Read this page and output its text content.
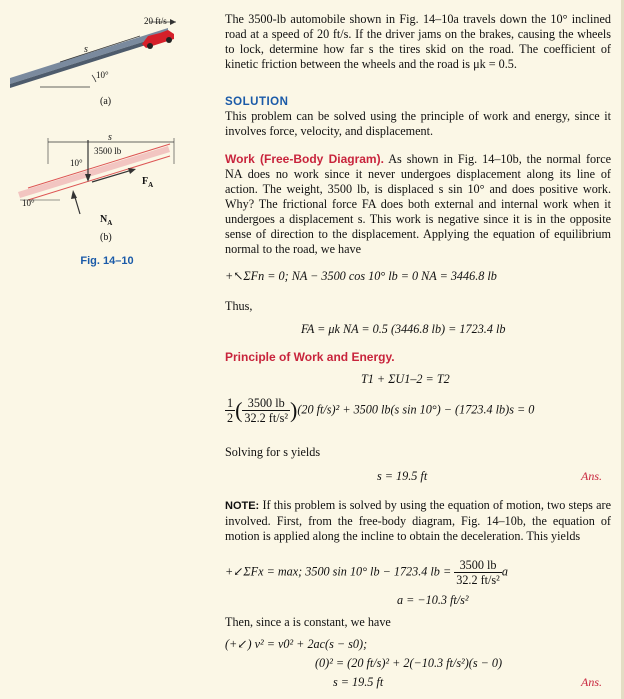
20 ft/s
s
10°
(a)
s
3500 lb
10°
10°
$F_A$
$N_A$
(b)
Fig. 14–10
The 3500-lb automobile shown in Fig. 14–10a travels down the 10° inclined road at a speed of 20 ft/s. If the driver jams on the brakes, causing the wheels to lock, determine how far s the tires skid on the road. The coefficient of kinetic friction between the wheels and the road is μk = 0.5.
SOLUTION
This problem can be solved using the principle of work and energy, since it involves force, velocity, and displacement.
Work (Free-Body Diagram). As shown in Fig. 14–10b, the normal force NA does no work since it never undergoes displacement along its line of action. The weight, 3500 lb, is displaced s sin 10° and does positive work. Why? The frictional force FA does both external and internal work when it undergoes a displacement s. This work is negative since it is in the opposite sense of direction to the displacement. Applying the equation of equilibrium normal to the road, we have
+↖ΣFn = 0; NA − 3500 cos 10° lb = 0 NA = 3446.8 lb
Thus,
FA = μk NA = 0.5 (3446.8 lb) = 1723.4 lb
Principle of Work and Energy.
T1 + ΣU1–2 = T2
$\frac{1}{2}$ ( $\frac{3500 lb}{\text{32.2 ft/s²}} )(20$ ft/s)² + 3500 lb(s sin 10°) − (1723.4 lb)s = 0
Solving for s yields
s = 19.5 ft	Ans.
NOTE: If this problem is solved by using the equation of motion, two steps are involved. First, from the free-body diagram, Fig. 14–10b, the equation of motion is applied along the incline to obtain the deceleration. This yields
+↙ΣFx = max; 3500 sin 10° lb − 1723.4 lb = $\frac{3500 lb}{\text{32.2 ft/s²}}$ a
a = −10.3 ft/s²
Then, since a is constant, we have
(+↙) v² = v0² + 2ac(s − s0);
(0)² = (20 ft/s)² + 2(−10.3 ft/s²)(s − 0)
s = 19.5 ft	Ans.
